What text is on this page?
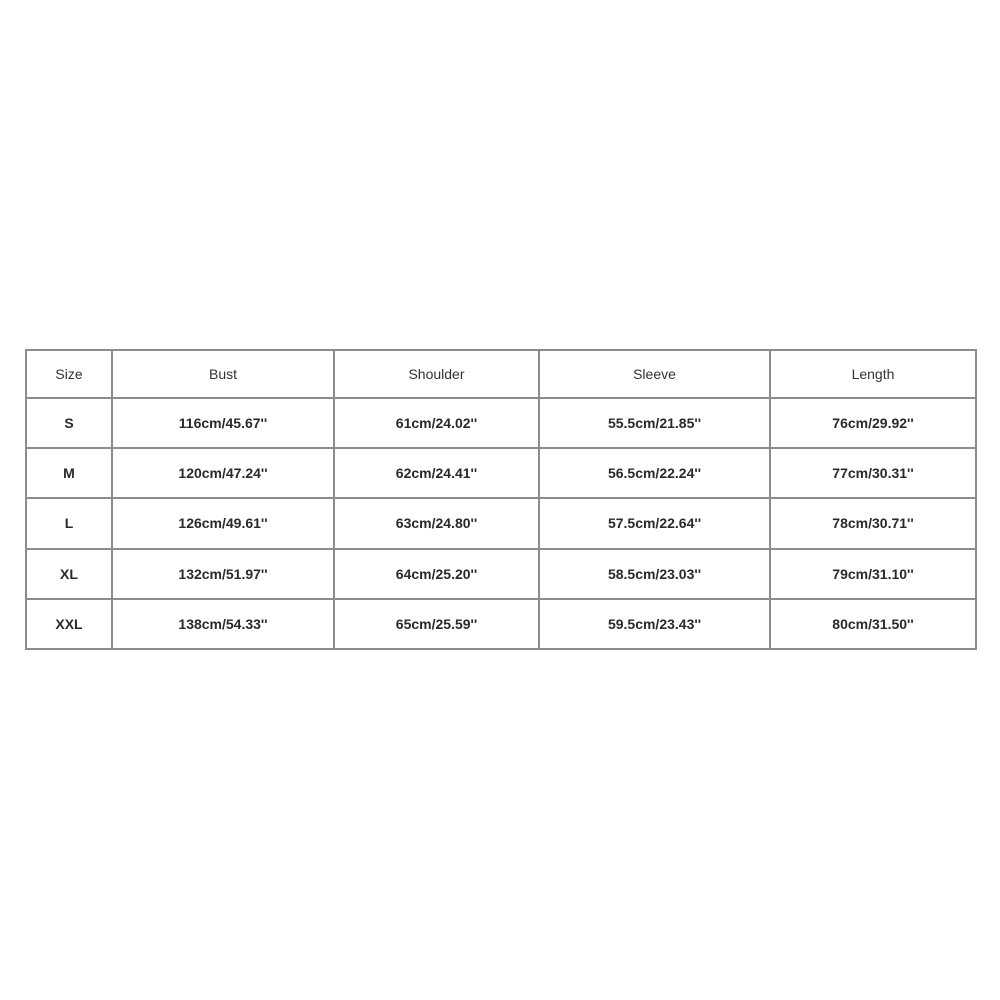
Size	Bust	Shoulder	Sleeve	Length
S	116cm/45.67''	61cm/24.02''	55.5cm/21.85''	76cm/29.92''
M	120cm/47.24''	62cm/24.41''	56.5cm/22.24''	77cm/30.31''
L	126cm/49.61''	63cm/24.80''	57.5cm/22.64''	78cm/30.71''
XL	132cm/51.97''	64cm/25.20''	58.5cm/23.03''	79cm/31.10''
XXL	138cm/54.33''	65cm/25.59''	59.5cm/23.43''	80cm/31.50''
